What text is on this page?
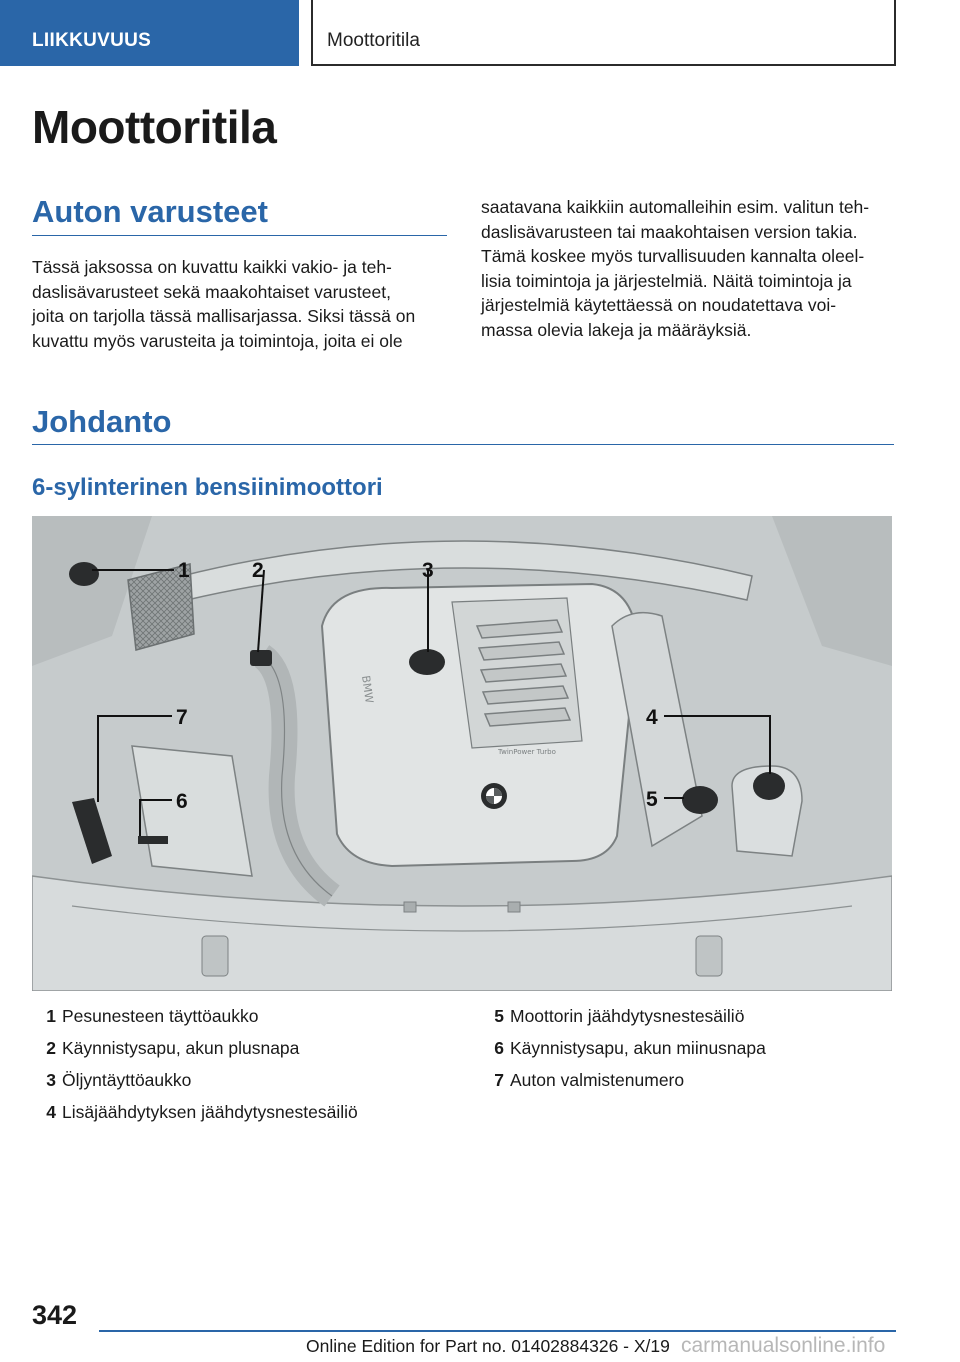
LIIKKUVUUS	Moottoritila
Moottoritila
Auton varusteet
Tässä jaksossa on kuvattu kaikki vakio- ja teh‐
daslisävarusteet sekä maakohtaiset varusteet,
joita on tarjolla tässä mallisarjassa. Siksi tässä on
kuvattu myös varusteita ja toimintoja, joita ei ole
saatavana kaikkiin automalleihin esim. valitun teh‐
daslisävarusteen tai maakohtaisen version takia.
Tämä koskee myös turvallisuuden kannalta oleel‐
lisia toimintoja ja järjestelmiä. Näitä toimintoja ja
järjestelmiä käytettäessä on noudatettava voi‐
massa olevia lakeja ja määräyksiä.
Johdanto
6-sylinterinen bensiinimoottori
TwinPower Turbo
BMW
1	2	3
4
5
6
7
1 Pesunesteen täyttöaukko
2 Käynnistysapu, akun plusnapa
3 Öljyntäyttöaukko
4 Lisäjäähdytyksen jäähdytysnestesäiliö
5 Moottorin jäähdytysnestesäiliö
6 Käynnistysapu, akun miinusnapa
7 Auton valmistenumero
342
Online Edition for Part no. 01402884326 - X/19 carmanualsonline.info
